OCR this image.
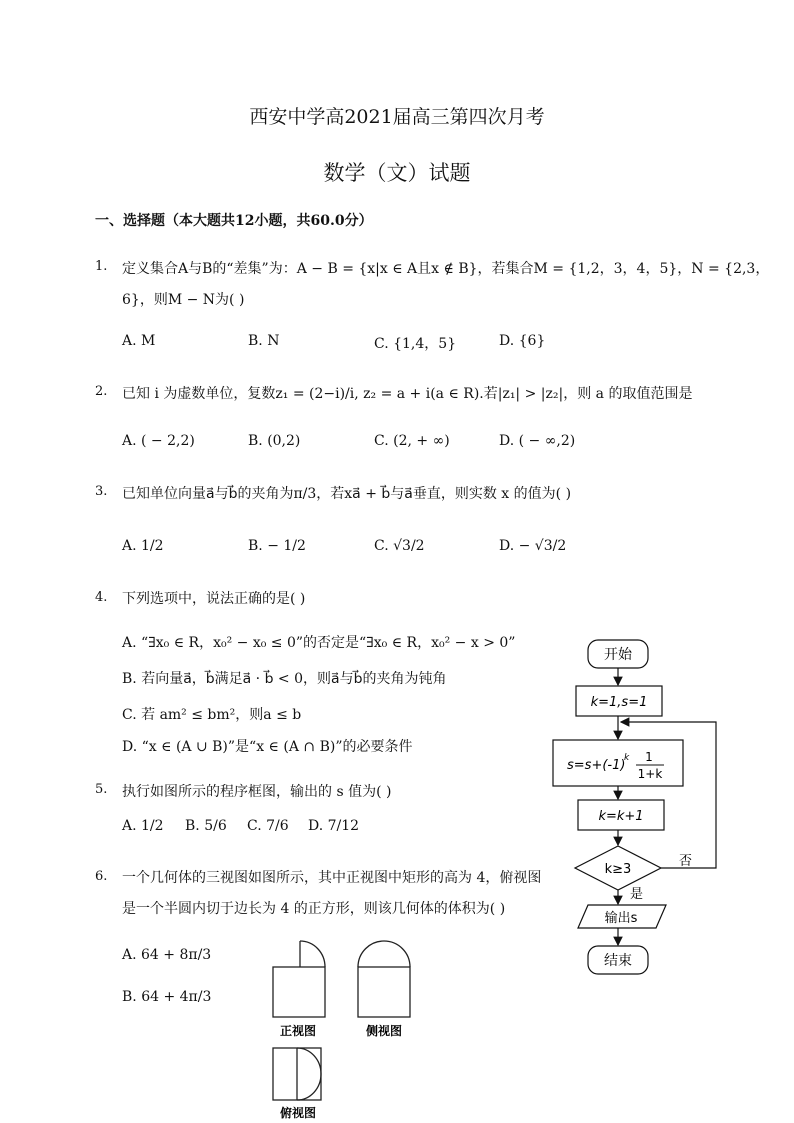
西安中学高2021届高三第四次月考
数学（文）试题
一、选择题（本大题共12小题，共60.0分）
1. 定义集合A与B的“差集”为：A − B = {x|x ∈ A且x ∉ B}，若集合M = {1,2，3，4，5}，N = {2,3，
6}，则M − N为( )
A. M	B. N	C. {1,4，5}	D. {6}
2. 已知 i 为虚数单位，复数z₁ = (2−i)/i, z₂ = a + i(a ∈ R).若|z₁| > |z₂|，则 a 的取值范围是
A. ( − 2,2)	B. (0,2)	C. (2, + ∞)	D. ( − ∞,2)
3. 已知单位向量a⃗与b⃗的夹角为π/3，若xa⃗ + b⃗与a⃗垂直，则实数 x 的值为( )
A. 1/2	B. − 1/2	C. √3/2	D. − √3/2
4. 下列选项中，说法正确的是( )
A. “∃x₀ ∈ R，x₀² − x₀ ≤ 0”的否定是“∃x₀ ∈ R，x₀² − x > 0”
B. 若向量a⃗，b⃗满足a⃗ · b⃗ < 0，则a⃗与b⃗的夹角为钝角
C. 若 am² ≤ bm²，则a ≤ b
D. “x ∈ (A ∪ B)”是“x ∈ (A ∩ B)”的必要条件
5. 执行如图所示的程序框图，输出的 s 值为( )
A. 1/2 B. 5/6 C. 7/6 D. 7/12
6. 一个几何体的三视图如图所示，其中正视图中矩形的高为 4，俯视图
是一个半圆内切于边长为 4 的正方形，则该几何体的体积为( )
A. 64 + 8π/3
B. 64 + 4π/3
开始
k=1,s=1
s=s+(-1)
k 1
1+k
k=k+1
k≥3
否
是
输出s
结束
正视图	侧视图
俯视图
